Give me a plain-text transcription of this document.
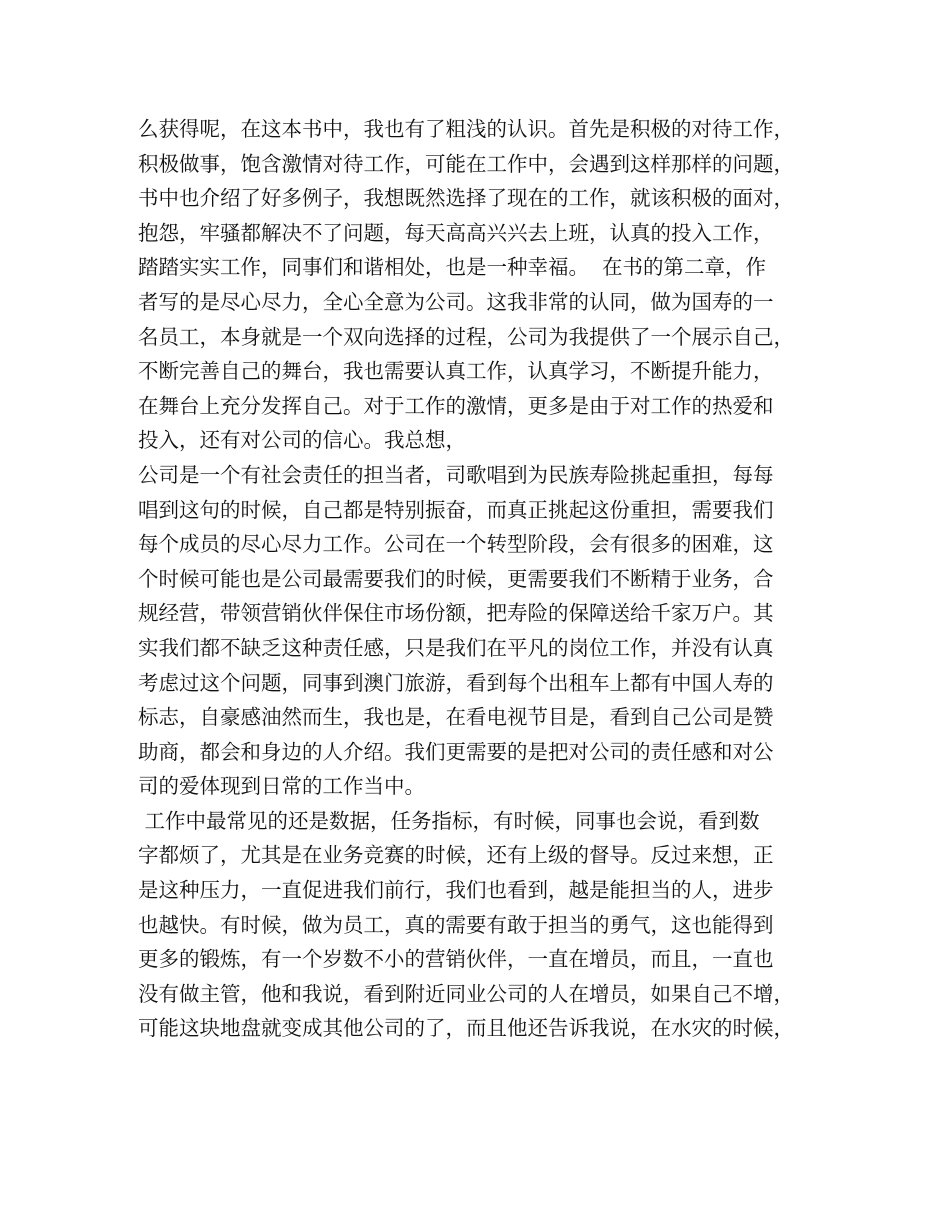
么获得呢，在这本书中，我也有了粗浅的认识。首先是积极的对待工作，
积极做事，饱含激情对待工作，可能在工作中，会遇到这样那样的问题，
书中也介绍了好多例子，我想既然选择了现在的工作，就该积极的面对，
抱怨，牢骚都解决不了问题，每天高高兴兴去上班，认真的投入工作，
踏踏实实工作，同事们和谐相处，也是一种幸福。  在书的第二章，作
者写的是尽心尽力，全心全意为公司。这我非常的认同，做为国寿的一
名员工，本身就是一个双向选择的过程，公司为我提供了一个展示自己，
不断完善自己的舞台，我也需要认真工作，认真学习，不断提升能力，
在舞台上充分发挥自己。对于工作的激情，更多是由于对工作的热爱和
投入，还有对公司的信心。我总想，
公司是一个有社会责任的担当者，司歌唱到为民族寿险挑起重担，每每
唱到这句的时候，自己都是特别振奋，而真正挑起这份重担，需要我们
每个成员的尽心尽力工作。公司在一个转型阶段，会有很多的困难，这
个时候可能也是公司最需要我们的时候，更需要我们不断精于业务，合
规经营，带领营销伙伴保住市场份额，把寿险的保障送给千家万户。其
实我们都不缺乏这种责任感，只是我们在平凡的岗位工作，并没有认真
考虑过这个问题，同事到澳门旅游，看到每个出租车上都有中国人寿的
标志，自豪感油然而生，我也是，在看电视节目是，看到自己公司是赞
助商，都会和身边的人介绍。我们更需要的是把对公司的责任感和对公
司的爱体现到日常的工作当中。
工作中最常见的还是数据，任务指标，有时候，同事也会说，看到数
字都烦了，尤其是在业务竞赛的时候，还有上级的督导。反过来想，正
是这种压力，一直促进我们前行，我们也看到，越是能担当的人，进步
也越快。有时候，做为员工，真的需要有敢于担当的勇气，这也能得到
更多的锻炼，有一个岁数不小的营销伙伴，一直在增员，而且，一直也
没有做主管，他和我说，看到附近同业公司的人在增员，如果自己不增，
可能这块地盘就变成其他公司的了，而且他还告诉我说，在水灾的时候，
